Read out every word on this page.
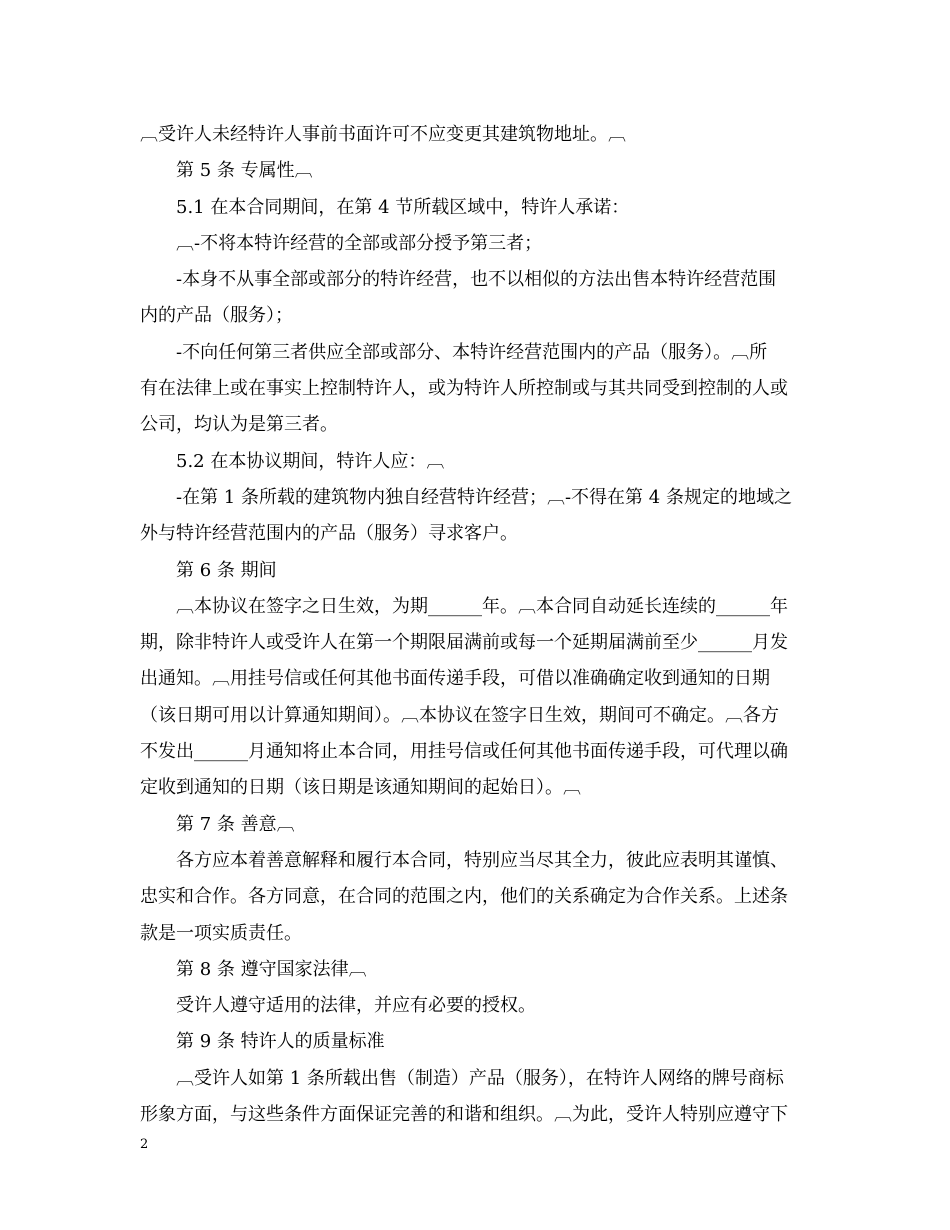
︹受许人未经特许人事前书面许可不应变更其建筑物地址。︹
第 5 条 专属性︹
5.1 在本合同期间，在第 4 节所载区域中，特许人承诺：
︹-不将本特许经营的全部或部分授予第三者；
-本身不从事全部或部分的特许经营，也不以相似的方法出售本特许经营范围
内的产品（服务）；
-不向任何第三者供应全部或部分、本特许经营范围内的产品（服务）。︹所
有在法律上或在事实上控制特许人，或为特许人所控制或与其共同受到控制的人或
公司，均认为是第三者。
5.2 在本协议期间，特许人应：︹
-在第 1 条所载的建筑物内独自经营特许经营；︹-不得在第 4 条规定的地域之
外与特许经营范围内的产品（服务）寻求客户。
第 6 条 期间
︹本协议在签字之日生效，为期______年。︹本合同自动延长连续的______年
期，除非特许人或受许人在第一个期限届满前或每一个延期届满前至少______月发
出通知。︹用挂号信或任何其他书面传递手段，可借以准确确定收到通知的日期
（该日期可用以计算通知期间）。︹本协议在签字日生效，期间可不确定。︹各方
不发出______月通知将止本合同，用挂号信或任何其他书面传递手段，可代理以确
定收到通知的日期（该日期是该通知期间的起始日）。︹
第 7 条 善意︹
各方应本着善意解释和履行本合同，特别应当尽其全力，彼此应表明其谨慎、
忠实和合作。各方同意，在合同的范围之内，他们的关系确定为合作关系。上述条
款是一项实质责任。
第 8 条 遵守国家法律︹
受许人遵守适用的法律，并应有必要的授权。
第 9 条 特许人的质量标准
︹受许人如第 1 条所载出售（制造）产品（服务），在特许人网络的牌号商标
形象方面，与这些条件方面保证完善的和谐和组织。︹为此，受许人特别应遵守下
2
